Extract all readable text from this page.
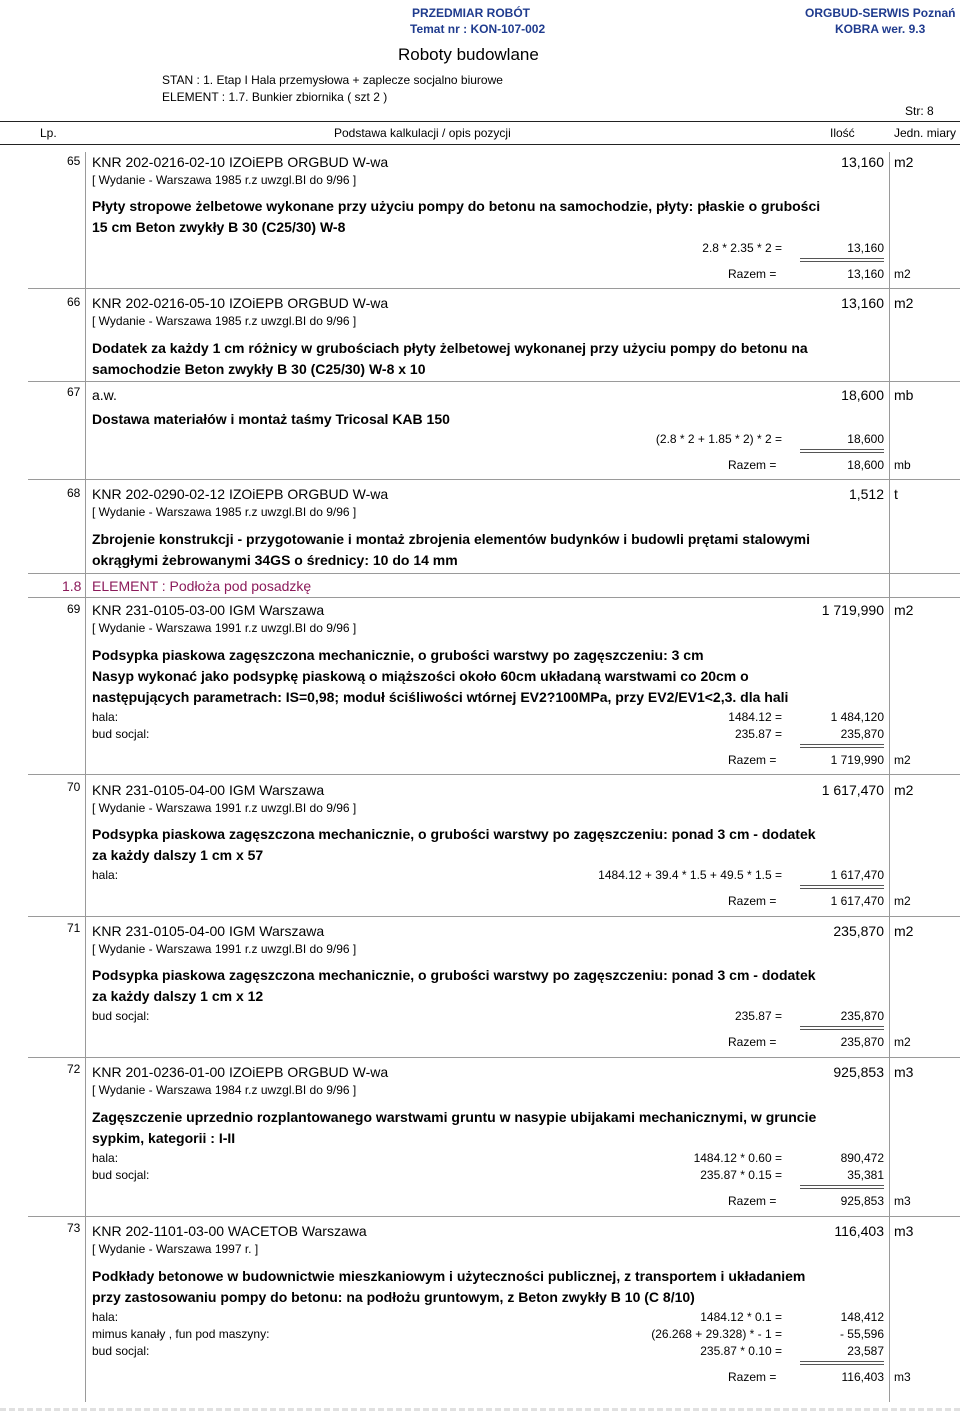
PRZEDMIAR ROBÓT
Temat nr : KON-107-002
ORGBUD-SERWIS Poznań
KOBRA wer. 9.3
Roboty budowlane
STAN : 1. Etap I Hala przemysłowa + zaplecze socjalno biurowe
ELEMENT : 1.7. Bunkier zbiornika ( szt 2 )
Str: 8
Lp.	Podstawa kalkulacji / opis pozycji	Ilość	Jedn. miary
65 KNR 202-0216-02-10 IZOiEPB ORGBUD W-wa
[ Wydanie - Warszawa 1985 r.z uwzgl.BI do 9/96 ]
13,160 m2
Płyty stropowe żelbetowe wykonane przy użyciu pompy do betonu na samochodzie, płyty: płaskie o grubości
15 cm Beton zwykły B 30 (C25/30) W-8
2.8 * 2.35 * 2 =	13,160
Razem =	13,160 m2
66 KNR 202-0216-05-10 IZOiEPB ORGBUD W-wa
[ Wydanie - Warszawa 1985 r.z uwzgl.BI do 9/96 ]
13,160 m2
Dodatek za każdy 1 cm różnicy w grubościach płyty żelbetowej wykonanej przy użyciu pompy do betonu na
samochodzie Beton zwykły B 30 (C25/30) W-8 x 10
67 a.w.	18,600 mb
Dostawa materiałów i montaż taśmy Tricosal KAB 150
(2.8 * 2 + 1.85 * 2) * 2 =	18,600
Razem =	18,600 mb
68 KNR 202-0290-02-12 IZOiEPB ORGBUD W-wa
[ Wydanie - Warszawa 1985 r.z uwzgl.BI do 9/96 ]
1,512 t
Zbrojenie konstrukcji - przygotowanie i montaż zbrojenia elementów budynków i budowli prętami stalowymi
okrągłymi żebrowanymi 34GS o średnicy: 10 do 14 mm
1.8 ELEMENT : Podłoża pod posadzkę
69 KNR 231-0105-03-00 IGM Warszawa
[ Wydanie - Warszawa 1991 r.z uwzgl.BI do 9/96 ]
1 719,990 m2
Podsypka piaskowa zagęszczona mechanicznie, o grubości warstwy po zagęszczeniu: 3 cm
Nasyp wykonać jako podsypkę piaskową o miąższości około 60cm układaną warstwami co 20cm o
następujących parametrach: IS=0,98; moduł ściśliwości wtórnej EV2?100MPa, przy EV2/EV1<2,3. dla hali
hala:	1484.12 =	1 484,120
bud socjal:	235.87 =	235,870
Razem =	1 719,990 m2
70 KNR 231-0105-04-00 IGM Warszawa
[ Wydanie - Warszawa 1991 r.z uwzgl.BI do 9/96 ]
1 617,470 m2
Podsypka piaskowa zagęszczona mechanicznie, o grubości warstwy po zagęszczeniu: ponad 3 cm - dodatek
za każdy dalszy 1 cm x 57
hala:	1484.12 + 39.4 * 1.5 + 49.5 * 1.5 =	1 617,470
Razem =	1 617,470 m2
71 KNR 231-0105-04-00 IGM Warszawa
[ Wydanie - Warszawa 1991 r.z uwzgl.BI do 9/96 ]
235,870 m2
Podsypka piaskowa zagęszczona mechanicznie, o grubości warstwy po zagęszczeniu: ponad 3 cm - dodatek
za każdy dalszy 1 cm x 12
bud socjal:	235.87 =	235,870
Razem =	235,870 m2
72 KNR 201-0236-01-00 IZOiEPB ORGBUD W-wa
[ Wydanie - Warszawa 1984 r.z uwzgl.BI do 9/96 ]
925,853 m3
Zagęszczenie uprzednio rozplantowanego warstwami gruntu w nasypie ubijakami mechanicznymi, w gruncie
sypkim, kategorii : I-II
hala:	1484.12 * 0.60 =	890,472
bud socjal:	235.87 * 0.15 =	35,381
Razem =	925,853 m3
73 KNR 202-1101-03-00 WACETOB Warszawa
[ Wydanie - Warszawa 1997 r. ]
116,403 m3
Podkłady betonowe w budownictwie mieszkaniowym i użyteczności publicznej, z transportem i układaniem
przy zastosowaniu pompy do betonu: na podłożu gruntowym, z Beton zwykły B 10 (C 8/10)
hala:	1484.12 * 0.1 =	148,412
mimus kanały , fun pod maszyny:	(26.268 + 29.328) * - 1 =	- 55,596
bud socjal:	235.87 * 0.10 =	23,587
Razem =	116,403 m3
